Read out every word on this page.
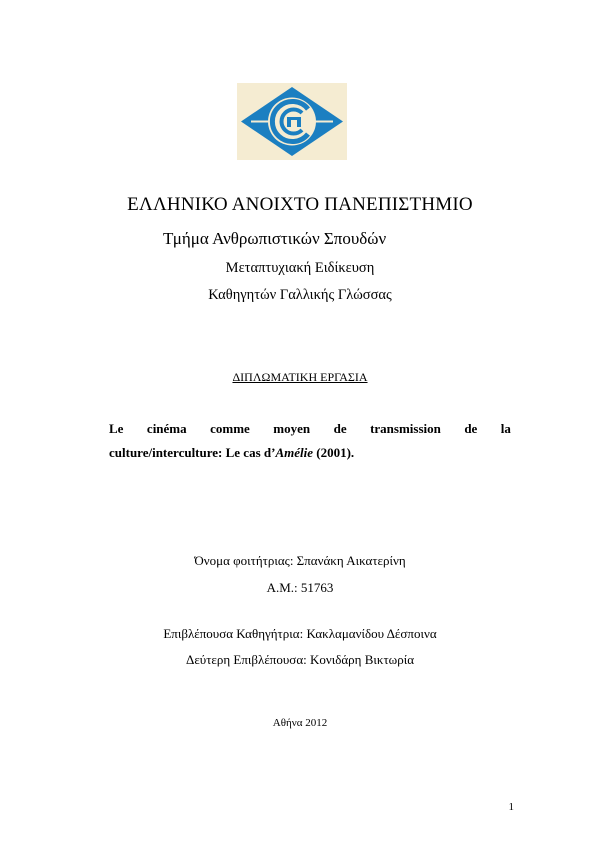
ΕΛΛΗΝΙΚΟ ΑΝΟΙΧΤΟ ΠΑΝΕΠΙΣΤΗΜΙΟ
Τμήμα Ανθρωπιστικών Σπουδών
Μεταπτυχιακή Ειδίκευση
Καθηγητών Γαλλικής Γλώσσας
ΔΙΠΛΩΜΑΤΙΚΗ ΕΡΓΑΣΙΑ
Le cinéma comme moyen de transmission de la
culture/interculture: Le cas d’Amélie (2001).
Όνομα φοιτήτριας: Σπανάκη Αικατερίνη
Α.Μ.: 51763
Επιβλέπουσα Καθηγήτρια: Κακλαμανίδου Δέσποινα
Δεύτερη Επιβλέπουσα: Κονιδάρη Βικτωρία
Αθήνα 2012
1
